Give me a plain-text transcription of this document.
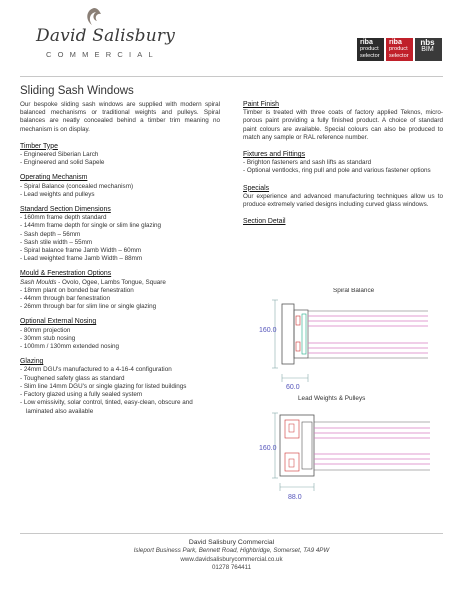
David Salisbury
COMMERCIAL
riba
product
selector
riba
product
selector
nbs
BIM
Sliding Sash Windows

Our bespoke sliding sash windows are supplied with modern spiral balanced mechanisms or traditional weights and pulleys. Spiral balances are neatly concealed behind a timber trim meaning no mechanism is on display.

Timber Type
- Engineered Siberian Larch
- Engineered and solid Sapele
Operating Mechanism
- Spiral Balance (concealed mechanism)
- Lead weights and pulleys
Standard Section Dimensions
- 160mm frame depth standard
- 144mm frame depth for single or slim line glazing
- Sash depth – 56mm
- Sash stile width – 55mm
- Spiral balance frame Jamb Width – 60mm
- Lead weighted frame Jamb Width – 88mm
Mould & Fenestration Options
Sash Moulds - Ovolo, Ogee, Lambs Tongue, Square
- 18mm plant on bonded bar fenestration
- 44mm through bar fenestration
- 26mm through bar for slim line or single glazing
Optional External Nosing
- 80mm projection
- 30mm stub nosing
- 100mm / 130mm extended nosing
Glazing
- 24mm DGU's manufactured to a 4-16-4 configuration
- Toughened safety glass as standard
- Slim line 14mm DGU's or single glazing for listed buildings
- Factory glazed using a fully sealed system
- Low emissivity, solar control, tinted, easy-clean, obscure and laminated also available
Paint Finish

Timber is treated with three coats of factory applied Teknos, micro-porous paint providing a fully finished product. A choice of standard paint colours are available. Special colours can also be produced to match any sample or RAL reference number.

Fixtures and Fittings
- Brighton fasteners and sash lifts as standard
- Optional ventlocks, ring pull and pole and various fastener options
Specials

Our experience and advanced manufacturing techniques allow us to produce extremely varied designs including curved glass windows.

Section Detail
Spiral Balance
160.0
60.0
Lead Weights & Pulleys
160.0
88.0
David Salisbury Commercial
Isleport Business Park, Bennett Road, Highbridge, Somerset, TA9 4PW
www.davidsalisburycommercial.co.uk
01278 764411
